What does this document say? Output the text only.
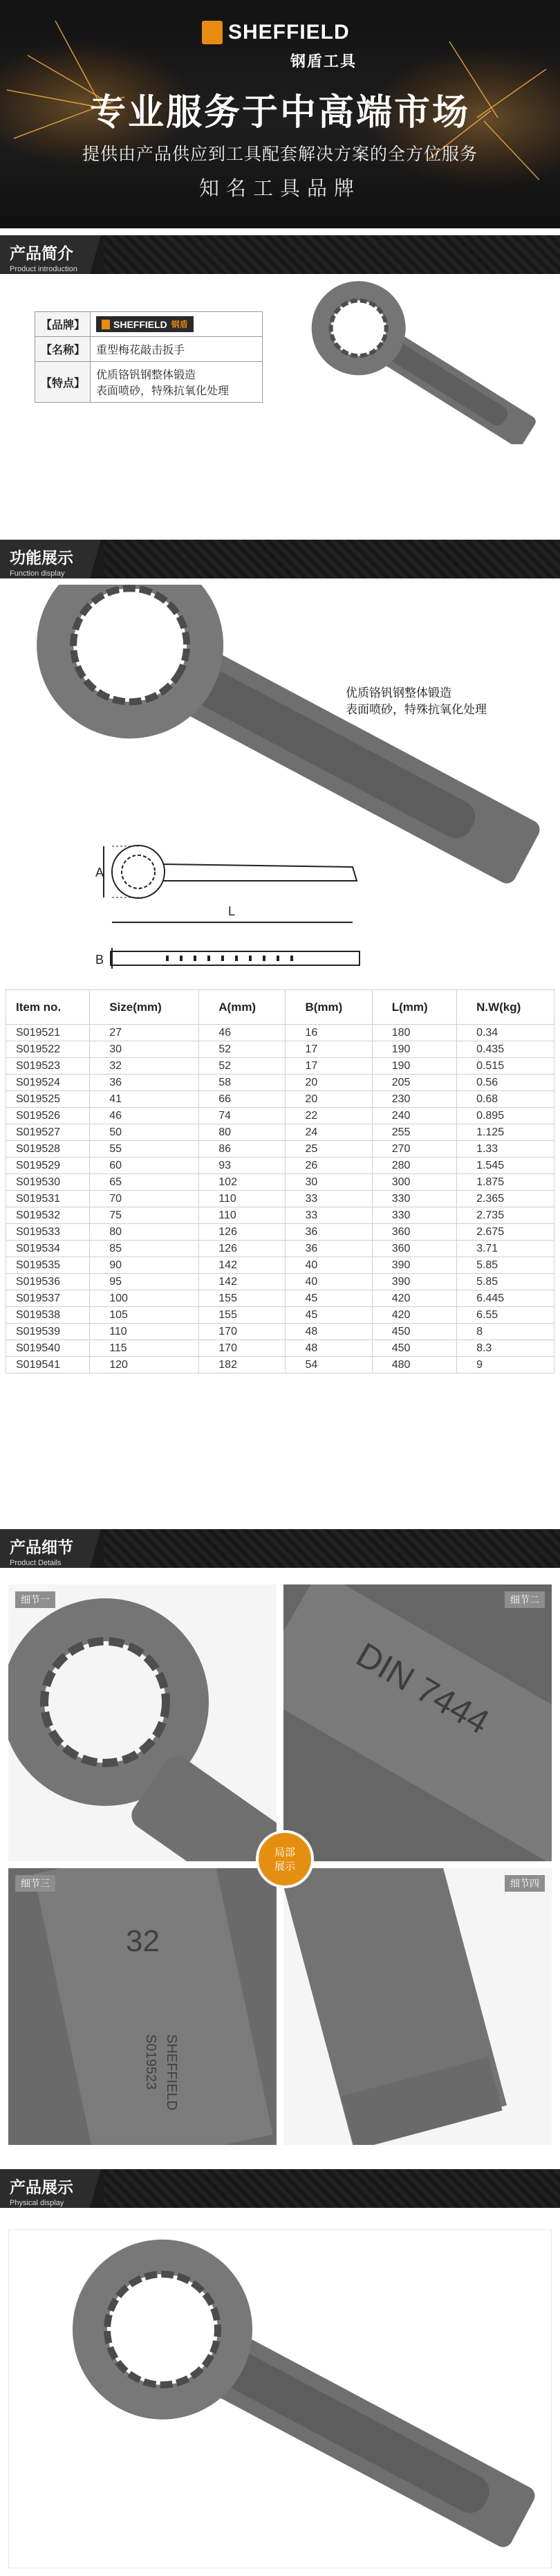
SHEFFIELD
钢盾工具
专业服务于中高端市场
提供由产品供应到工具配套解决方案的全方位服务
知名工具品牌
产品简介
Product introduction
【品牌】	SHEFFIELD 钢盾

【名称】	重型梅花敲击扳手
【特点】	优质铬钒钢整体锻造
表面喷砂，特殊抗氧化处理
功能展示
Function display
优质铬钒钢整体锻造
表面喷砂，特殊抗氧化处理
A
L
B
Item no.	Size(mm)	A(mm)	B(mm)	L(mm)	N.W(kg)
S019521	27	46	16	180	0.34
S019522	30	52	17	190	0.435
S019523	32	52	17	190	0.515
S019524	36	58	20	205	0.56
S019525	41	66	20	230	0.68
S019526	46	74	22	240	0.895
S019527	50	80	24	255	1.125
S019528	55	86	25	270	1.33
S019529	60	93	26	280	1.545
S019530	65	102	30	300	1.875
S019531	70	110	33	330	2.365
S019532	75	110	33	330	2.735
S019533	80	126	36	360	2.675
S019534	85	126	36	360	3.71
S019535	90	142	40	390	5.85
S019536	95	142	40	390	5.85
S019537	100	155	45	420	6.445
S019538	105	155	45	420	6.55
S019539	110	170	48	450	8
S019540	115	170	48	450	8.3
S019541	120	182	54	480	9
产品细节
Product Details
细节一
DIN 7444
细节二
32
SHEFFIELD
S019523
细节三	细节四
局部
展示
产品展示
Physical display
